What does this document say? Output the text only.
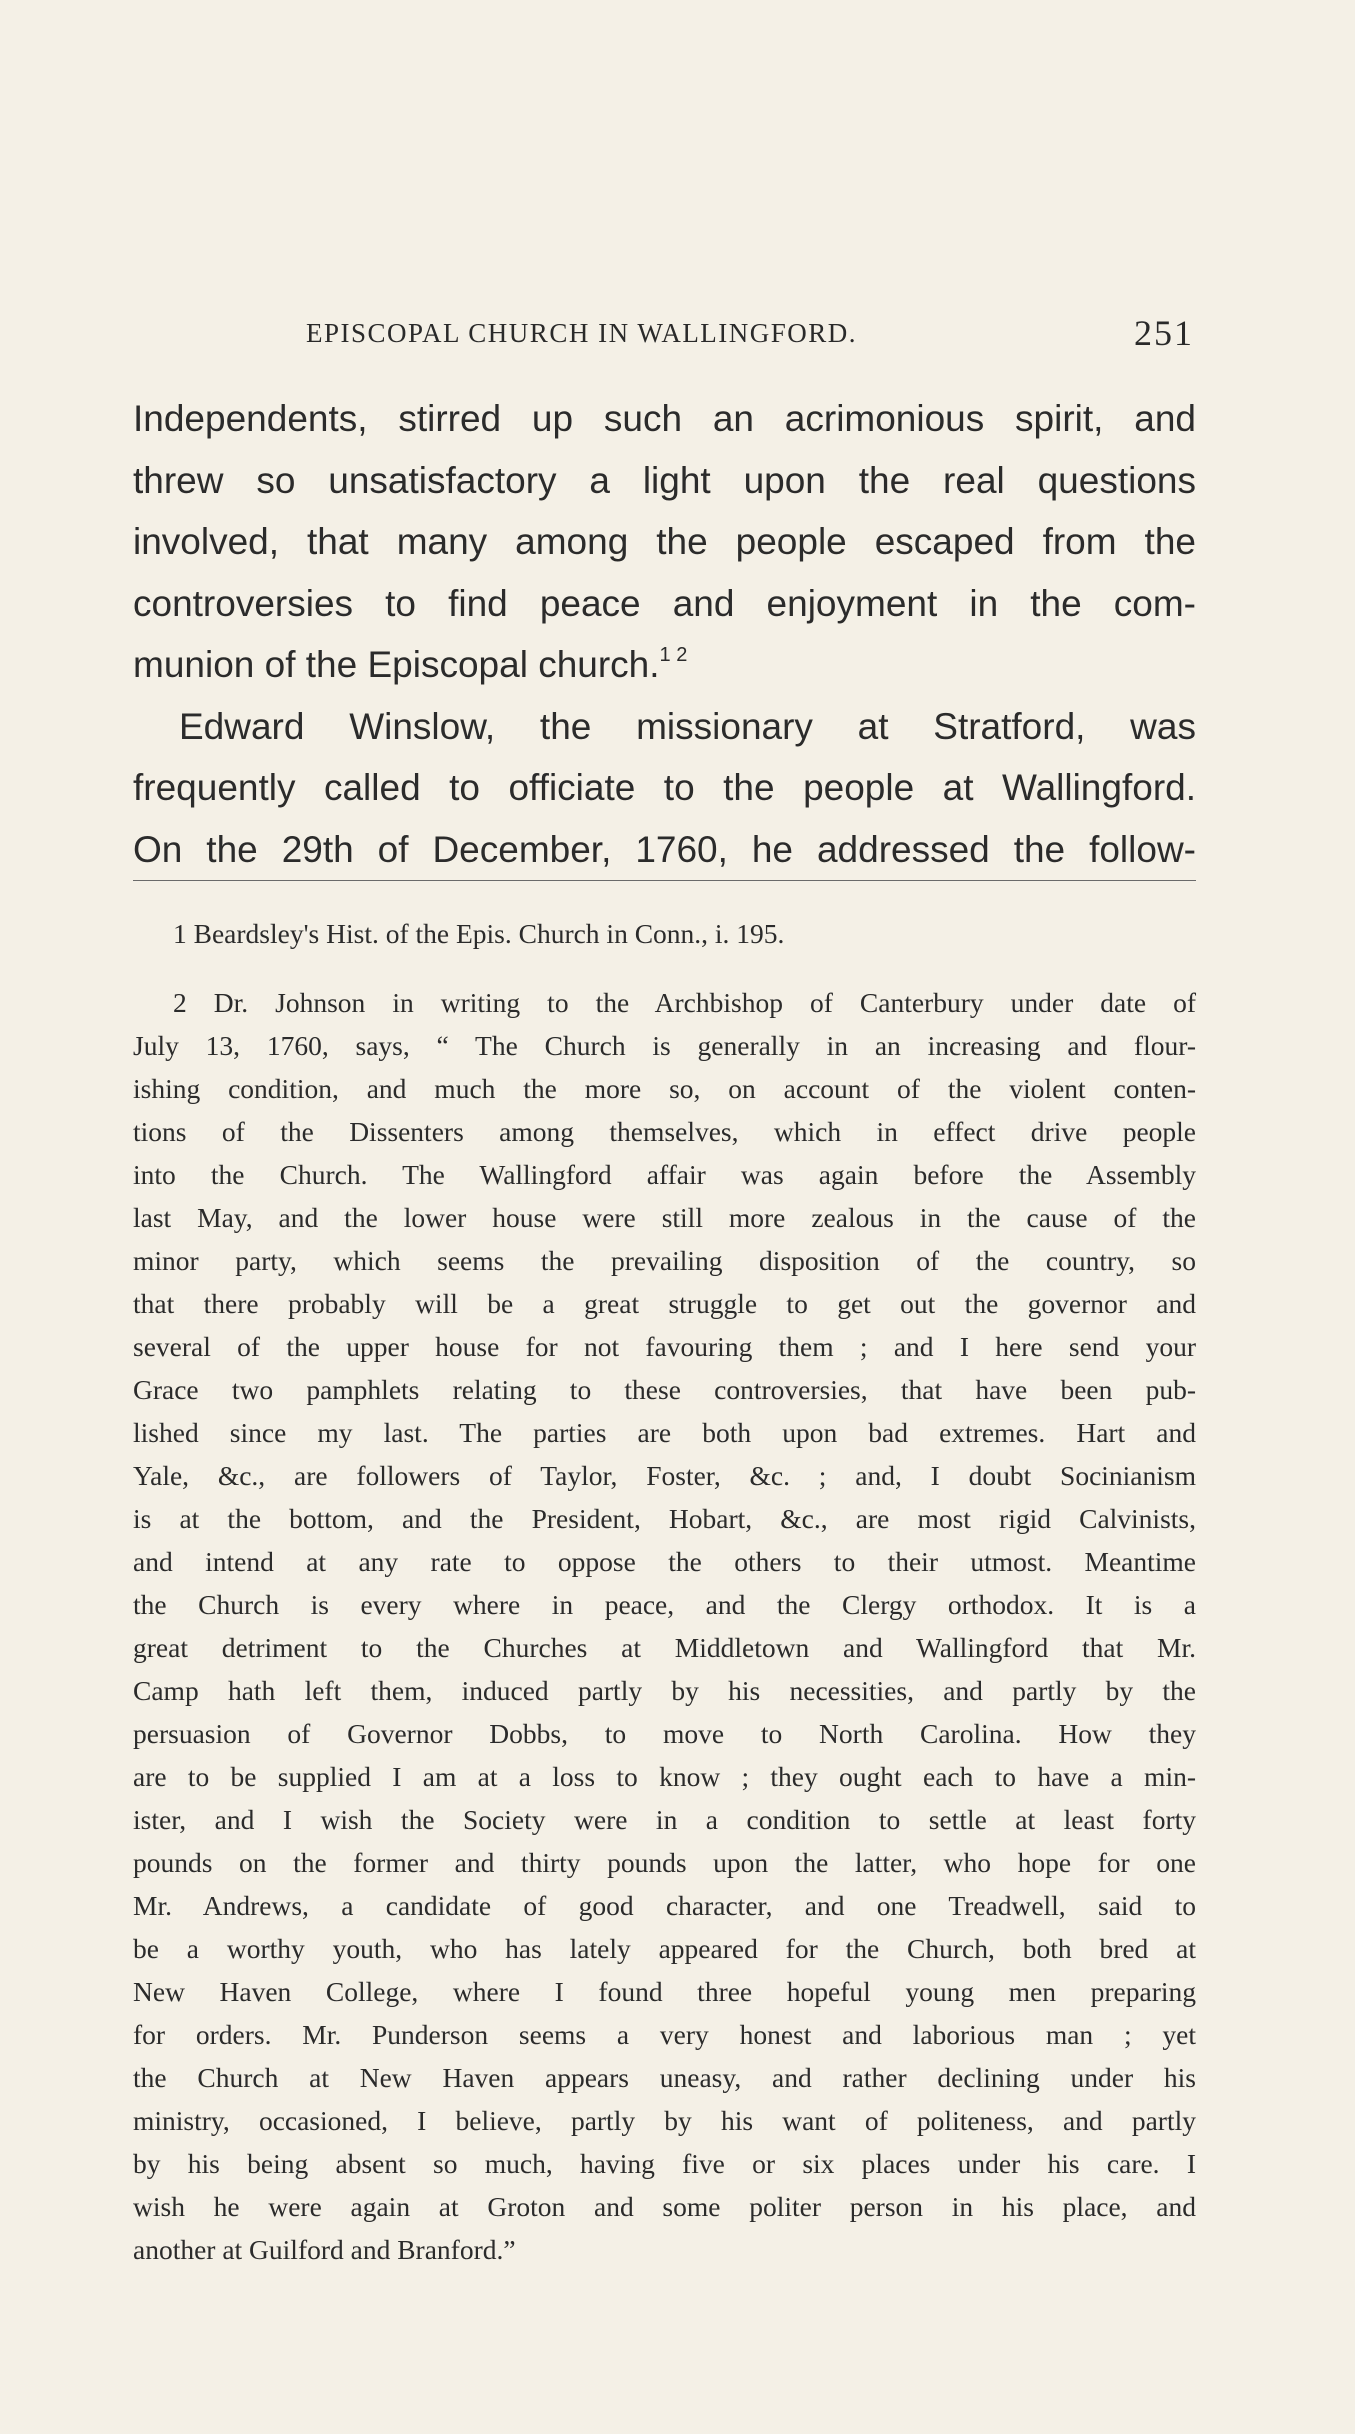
EPISCOPAL CHURCH IN WALLINGFORD.	251
Independents, stirred up such an acrimonious spirit, and
threw so unsatisfactory a light upon the real questions
involved, that many among the people escaped from the
controversies to find peace and enjoyment in the com-
munion of the Episcopal church.$^{1 2}$
Edward Winslow, the missionary at Stratford, was
frequently called to officiate to the people at Wallingford.
On the 29th of December, 1760, he addressed the follow-
1 Beardsley's Hist. of the Epis. Church in Conn., i. 195.
2 Dr. Johnson in writing to the Archbishop of Canterbury under date of
July 13, 1760, says, “ The Church is generally in an increasing and flour-
ishing condition, and much the more so, on account of the violent conten-
tions of the Dissenters among themselves, which in effect drive people
into the Church. The Wallingford affair was again before the Assembly
last May, and the lower house were still more zealous in the cause of the
minor party, which seems the prevailing disposition of the country, so
that there probably will be a great struggle to get out the governor and
several of the upper house for not favouring them ; and I here send your
Grace two pamphlets relating to these controversies, that have been pub-
lished since my last. The parties are both upon bad extremes. Hart and
Yale, &c., are followers of Taylor, Foster, &c. ; and, I doubt Socinianism
is at the bottom, and the President, Hobart, &c., are most rigid Calvinists,
and intend at any rate to oppose the others to their utmost. Meantime
the Church is every where in peace, and the Clergy orthodox. It is a
great detriment to the Churches at Middletown and Wallingford that Mr.
Camp hath left them, induced partly by his necessities, and partly by the
persuasion of Governor Dobbs, to move to North Carolina. How they
are to be supplied I am at a loss to know ; they ought each to have a min-
ister, and I wish the Society were in a condition to settle at least forty
pounds on the former and thirty pounds upon the latter, who hope for one
Mr. Andrews, a candidate of good character, and one Treadwell, said to
be a worthy youth, who has lately appeared for the Church, both bred at
New Haven College, where I found three hopeful young men preparing
for orders. Mr. Punderson seems a very honest and laborious man ; yet
the Church at New Haven appears uneasy, and rather declining under his
ministry, occasioned, I believe, partly by his want of politeness, and partly
by his being absent so much, having five or six places under his care. I
wish he were again at Groton and some politer person in his place, and
another at Guilford and Branford.”
